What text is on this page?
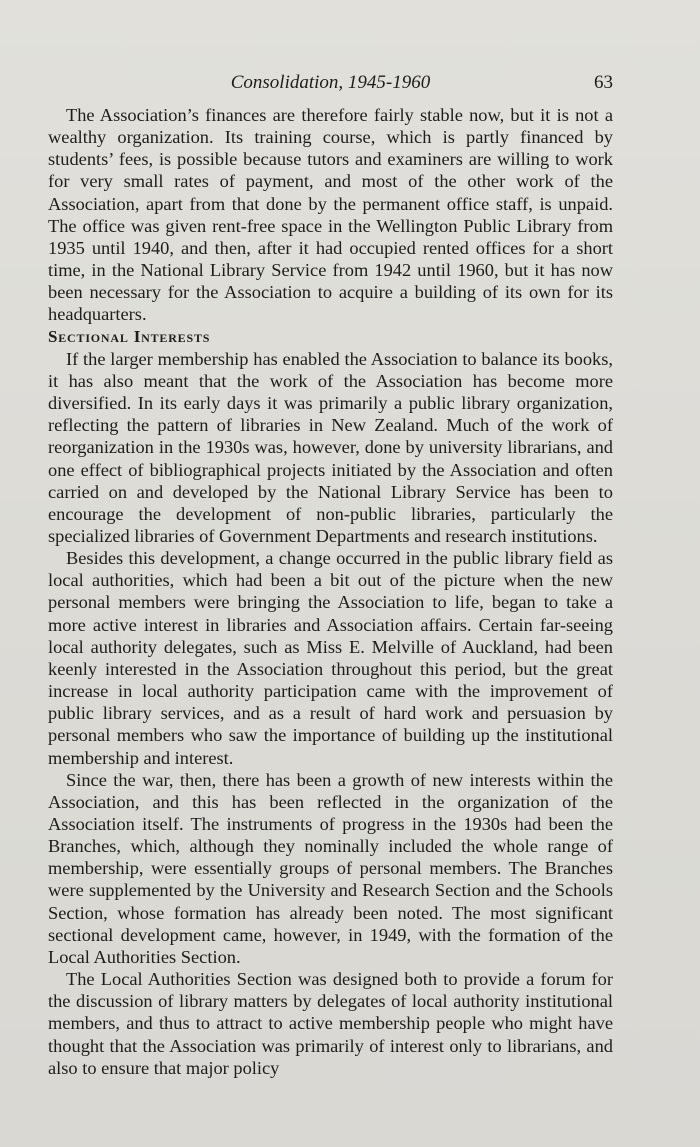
Consolidation, 1945-1960	63

The Association’s finances are therefore fairly stable now, but it is not a wealthy organization. Its training course, which is partly financed by students’ fees, is possible because tutors and examiners are willing to work for very small rates of payment, and most of the other work of the Association, apart from that done by the permanent office staff, is unpaid. The office was given rent-free space in the Wellington Public Library from 1935 until 1940, and then, after it had occupied rented offices for a short time, in the National Library Service from 1942 until 1960, but it has now been necessary for the Association to acquire a building of its own for its headquarters.

Sectional Interests

If the larger membership has enabled the Association to balance its books, it has also meant that the work of the Association has become more diversified. In its early days it was primarily a public library organization, reflecting the pattern of libraries in New Zealand. Much of the work of reorganization in the 1930s was, however, done by university librarians, and one effect of bibliographical projects initiated by the Association and often carried on and developed by the National Library Service has been to encourage the development of non-public libraries, particularly the specialized libraries of Government Departments and research institutions.

Besides this development, a change occurred in the public library field as local authorities, which had been a bit out of the picture when the new personal members were bringing the Association to life, began to take a more active interest in libraries and Association affairs. Certain far-seeing local authority delegates, such as Miss E. Melville of Auckland, had been keenly interested in the Association throughout this period, but the great increase in local authority participation came with the improvement of public library services, and as a result of hard work and persuasion by personal members who saw the importance of building up the institutional membership and interest.

Since the war, then, there has been a growth of new interests within the Association, and this has been reflected in the organization of the Association itself. The instruments of progress in the 1930s had been the Branches, which, although they nominally included the whole range of membership, were essentially groups of personal members. The Branches were supplemented by the University and Research Section and the Schools Section, whose formation has already been noted. The most significant sectional development came, however, in 1949, with the formation of the Local Authorities Section.

The Local Authorities Section was designed both to provide a forum for the discussion of library matters by delegates of local authority institutional members, and thus to attract to active membership people who might have thought that the Association was primarily of interest only to librarians, and also to ensure that major policy
